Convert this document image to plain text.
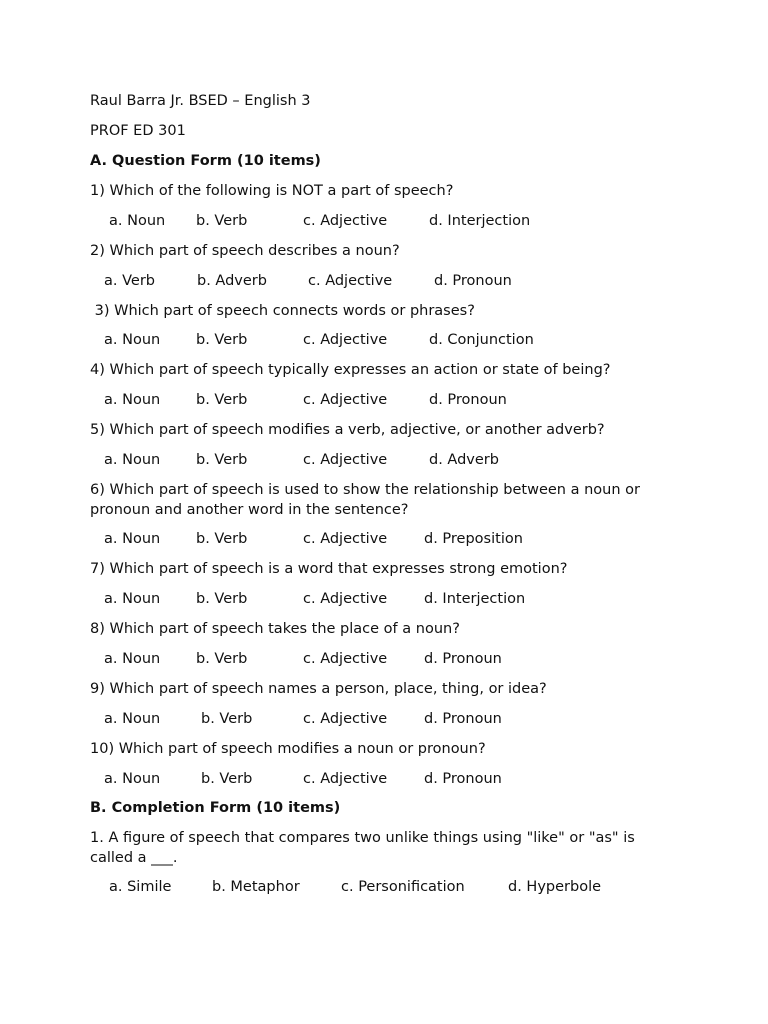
Raul Barra Jr. BSED – English 3
PROF ED 301
A. Question Form (10 items)
1) Which of the following is NOT a part of speech?
a. Noun b. Verb	c. Adjective	d. Interjection
2) Which part of speech describes a noun?
a. Verb	b. Adverb	c. Adjective	d. Pronoun
3) Which part of speech connects words or phrases?
a. Noun b. Verb	c. Adjective	d. Conjunction
4) Which part of speech typically expresses an action or state of being?
a. Noun b. Verb	c. Adjective	d. Pronoun
5) Which part of speech modifies a verb, adjective, or another adverb?
a. Noun b. Verb	c. Adjective	d. Adverb
6) Which part of speech is used to show the relationship between a noun or pronoun and another word in the sentence?
a. Noun b. Verb	c. Adjective	d. Preposition
7) Which part of speech is a word that expresses strong emotion?
a. Noun b. Verb	c. Adjective	d. Interjection
8) Which part of speech takes the place of a noun?
a. Noun b. Verb	c. Adjective	d. Pronoun
9) Which part of speech names a person, place, thing, or idea?
a. Noun	b. Verb	c. Adjective	d. Pronoun
10) Which part of speech modifies a noun or pronoun?
a. Noun	b. Verb	c. Adjective	d. Pronoun
B. Completion Form (10 items)
1. A figure of speech that compares two unlike things using "like" or "as" is called a ___.
a. Simile	b. Metaphor	c. Personification	d. Hyperbole
